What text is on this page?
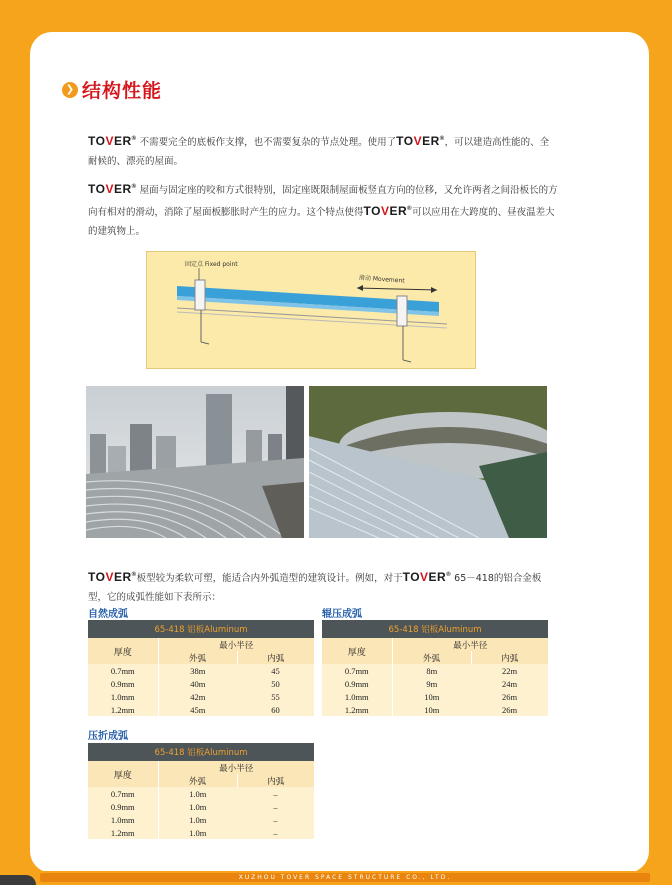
❯ 结构性能
TOVER® 不需要完全的底板作支撑，也不需要复杂的节点处理。使用了TOVER®，可以建造高性能的、全耐候的、漂亮的屋面。
TOVER® 屋面与固定座的咬和方式很特别，固定座既限制屋面板竖直方向的位移，又允许两者之间沿板长的方向有相对的滑动，消除了屋面板膨胀时产生的应力。这个特点使得TOVER®可以应用在大跨度的、昼夜温差大的建筑物上。
固定点 Fixed point
滑动 Movement
TOVER®板型较为柔软可塑，能适合内外弧造型的建筑设计。例如，对于TOVER® 65－418的铝合金板型，它的成弧性能如下表所示：
自然成弧
65-418 铝板Aluminum		
厚度	最小半径	
	外弧	内弧
0.7mm	38m	45
0.9mm	40m	50
1.0mm	42m	55
1.2mm	45m	60
辊压成弧
65-418 铝板Aluminum		
厚度	最小半径	
	外弧	内弧
0.7mm	8m	22m
0.9mm	9m	24m
1.0mm	10m	26m
1.2mm	10m	26m
压折成弧
65-418 铝板Aluminum		
厚度	最小半径	
	外弧	内弧
0.7mm	1.0m	–
0.9mm	1.0m	–
1.0mm	1.0m	–
1.2mm	1.0m	–
XUZHOU TOVER SPACE STRUCTURE CO., LTD.
